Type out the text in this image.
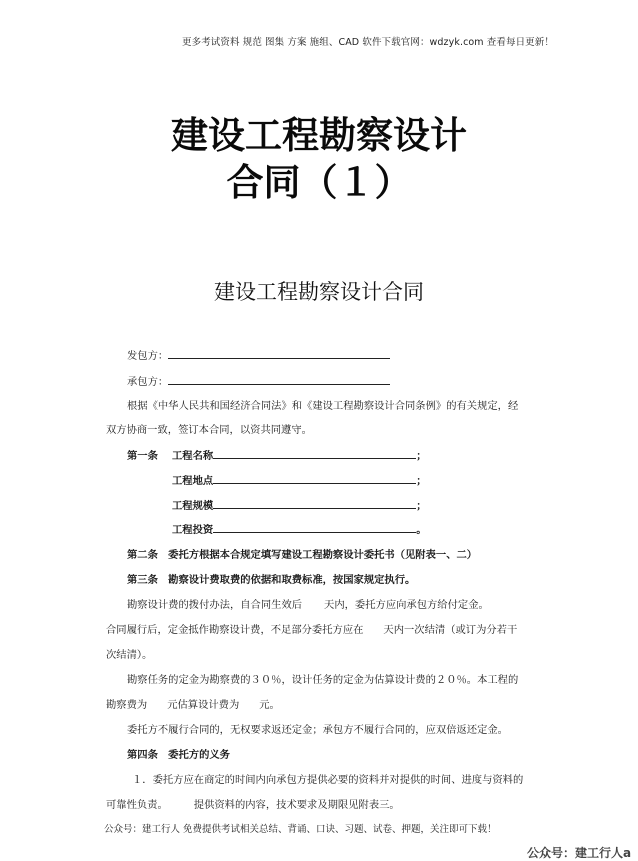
更多考试资料 规范 图集 方案 施组、CAD 软件下载官网：wdzyk.com 查看每日更新！
建设工程勘察设计
合同（１）
建设工程勘察设计合同
发包方：
承包方：
根据《中华人民共和国经济合同法》和《建设工程勘察设计合同条例》的有关规定，经
双方协商一致，签订本合同，以资共同遵守。
第一条 工程名称	；
工程地点	；
工程规模	；
工程投资	。
第二条　委托方根据本合规定填写建设工程勘察设计委托书（见附表一、二）
第三条　勘察设计费取费的依据和取费标准，按国家规定执行。
勘察设计费的拨付办法，自合同生效后 天内，委托方应向承包方给付定金。
合同履行后，定金抵作勘察设计费，不足部分委托方应在 天内一次结清（或订为分若干
次结清）。
勘察任务的定金为勘察费的３０％，设计任务的定金为估算设计费的２０％。本工程的
勘察费为 元估算设计费为 元。
委托方不履行合同的，无权要求返还定金；承包方不履行合同的，应双倍返还定金。
第四条　委托方的义务
１．委托方应在商定的时间内向承包方提供必要的资料并对提供的时间、进度与资料的
可靠性负责。	提供资料的内容，技术要求及期限见附表三。
公众号：建工行人 免费提供考试相关总结、背诵、口诀、习题、试卷、押题，关注即可下载！
公众号：建工行人a
